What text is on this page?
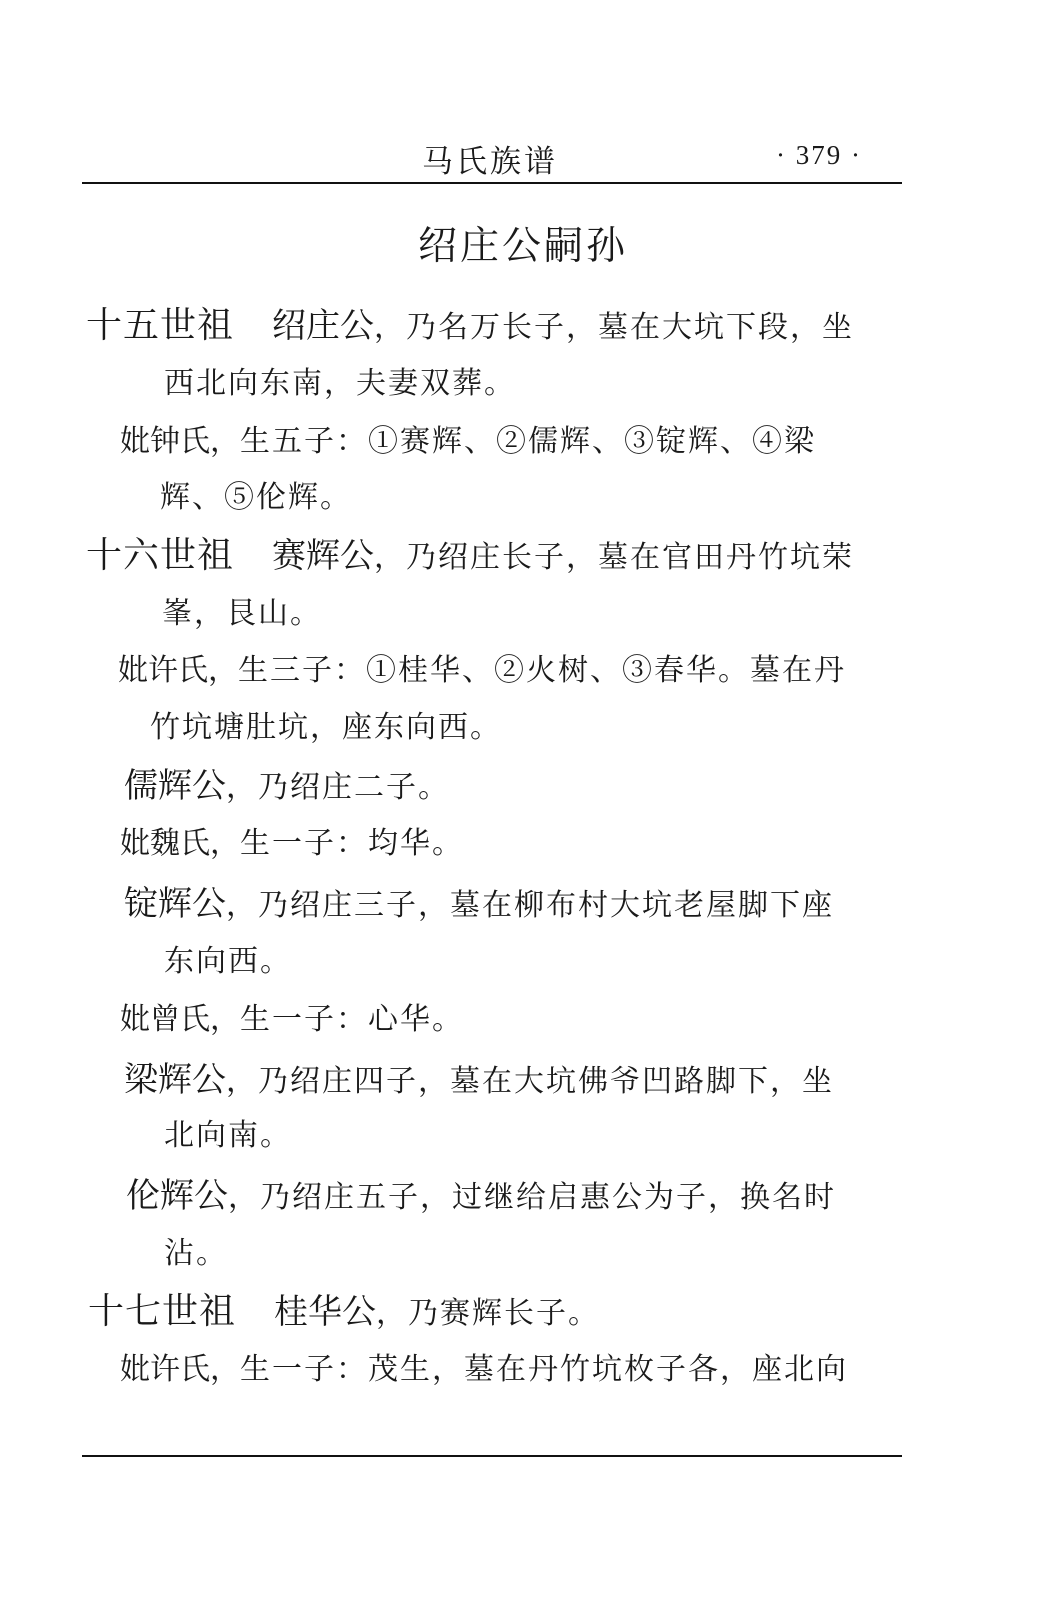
马氏族谱	· 379 ·
绍庄公嗣孙
十五世祖 绍庄公，乃名万长子，墓在大坑下段，坐
西北向东南，夫妻双葬。
妣钟氏，生五子：①赛辉、②儒辉、③锭辉、④梁
辉、⑤伦辉。
十六世祖 赛辉公，乃绍庄长子，墓在官田丹竹坑荣
峯，艮山。
妣许氏，生三子：①桂华、②火树、③春华。墓在丹
竹坑塘肚坑，座东向西。
儒辉公，乃绍庄二子。
妣魏氏，生一子：均华。
锭辉公，乃绍庄三子，墓在柳布村大坑老屋脚下座
东向西。
妣曾氏，生一子：心华。
梁辉公，乃绍庄四子，墓在大坑佛爷凹路脚下，坐
北向南。
伦辉公，乃绍庄五子，过继给启惠公为子，换名时
沾。
十七世祖 桂华公，乃赛辉长子。
妣许氏，生一子：茂生，墓在丹竹坑枚子各，座北向
